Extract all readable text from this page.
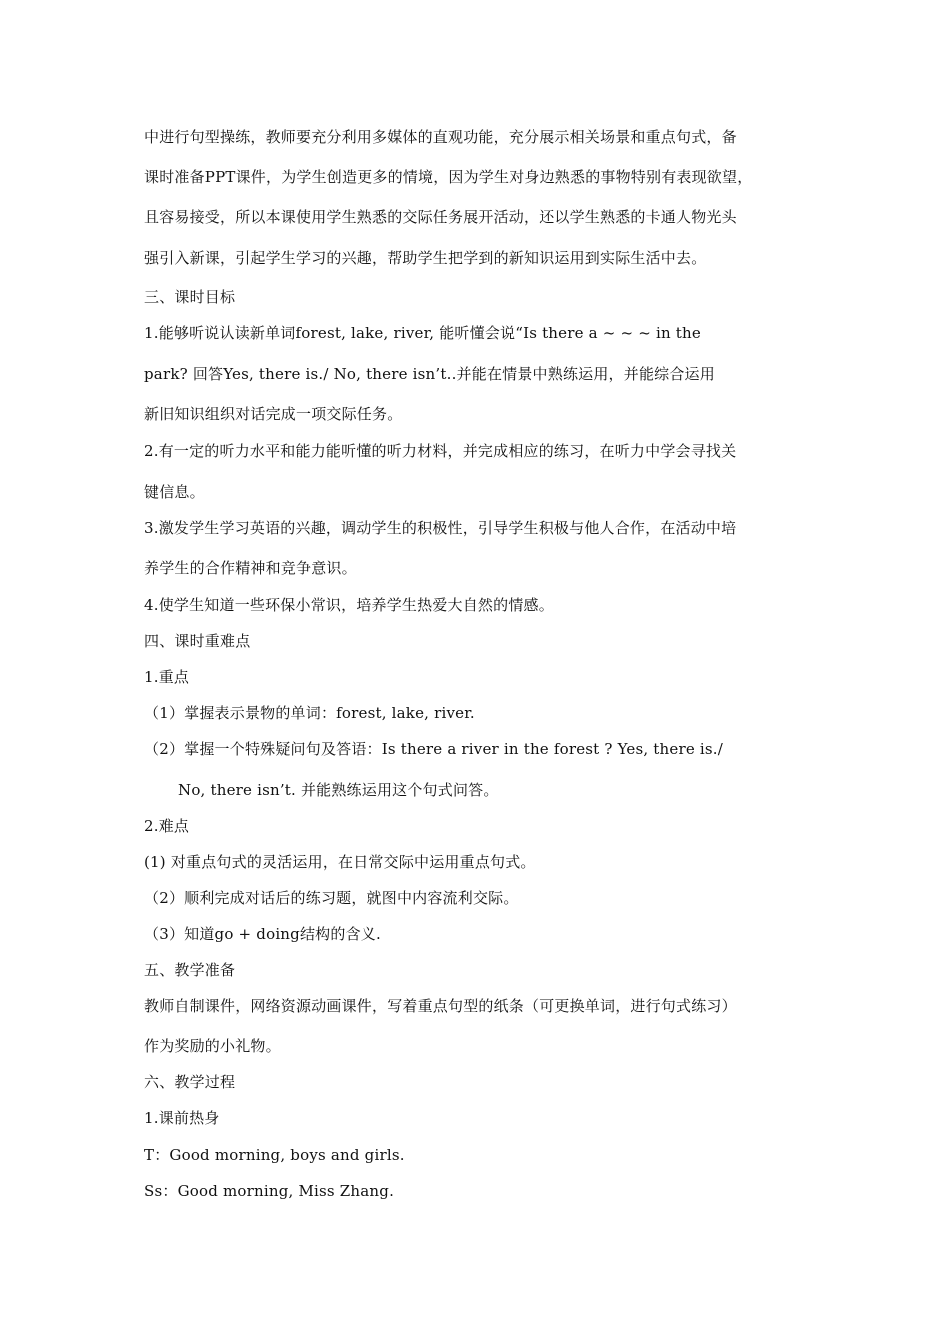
中进行句型操练，教师要充分利用多媒体的直观功能，充分展示相关场景和重点句式，备
课时准备PPT课件，为学生创造更多的情境，因为学生对身边熟悉的事物特别有表现欲望，
且容易接受，所以本课使用学生熟悉的交际任务展开活动，还以学生熟悉的卡通人物光头
强引入新课，引起学生学习的兴趣，帮助学生把学到的新知识运用到实际生活中去。
三、课时目标
1.能够听说认读新单词forest, lake, river, 能听懂会说“Is there a ~ ~ ~ in the
park? 回答Yes, there is./ No, there isn’t..并能在情景中熟练运用，并能综合运用
新旧知识组织对话完成一项交际任务。
2.有一定的听力水平和能力能听懂的听力材料，并完成相应的练习，在听力中学会寻找关
键信息。
3.激发学生学习英语的兴趣，调动学生的积极性，引导学生积极与他人合作，在活动中培
养学生的合作精神和竞争意识。
4.使学生知道一些环保小常识，培养学生热爱大自然的情感。
四、课时重难点
1.重点
（1）掌握表示景物的单词：forest, lake, river.
（2）掌握一个特殊疑问句及答语：Is there a river in the forest ? Yes, there is./
No, there isn’t. 并能熟练运用这个句式问答。
2.难点
(1) 对重点句式的灵活运用，在日常交际中运用重点句式。
（2）顺利完成对话后的练习题，就图中内容流利交际。
（3）知道go + doing结构的含义.
五、教学准备
教师自制课件，网络资源动画课件，写着重点句型的纸条（可更换单词，进行句式练习）
作为奖励的小礼物。
六、教学过程
1.课前热身
T：Good morning, boys and girls.
Ss：Good morning, Miss Zhang.
